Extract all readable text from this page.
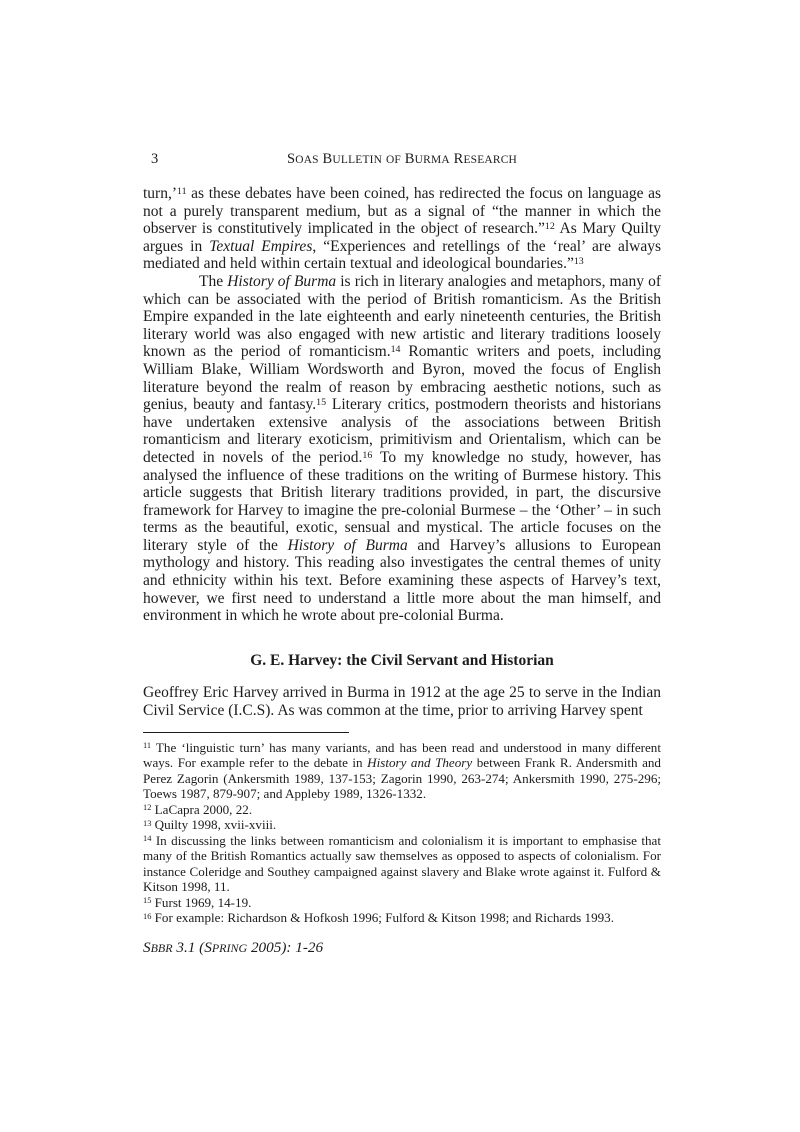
3	SOAS BULLETIN OF BURMA RESEARCH

turn,’$^{11}$ as these debates have been coined, has redirected the focus on language as not a purely transparent medium, but as a signal of “the manner in which the observer is constitutively implicated in the object of research.”$^{12}$ As Mary Quilty argues in Textual Empires, “Experiences and retellings of the ‘real’ are always mediated and held within certain textual and ideological boundaries.”$^{13}$

The History of Burma is rich in literary analogies and metaphors, many of which can be associated with the period of British romanticism. As the British Empire expanded in the late eighteenth and early nineteenth centuries, the British literary world was also engaged with new artistic and literary traditions loosely known as the period of romanticism.$^{14}$ Romantic writers and poets, including William Blake, William Wordsworth and Byron, moved the focus of English literature beyond the realm of reason by embracing aesthetic notions, such as genius, beauty and fantasy.$^{15}$ Literary critics, postmodern theorists and historians have undertaken extensive analysis of the associations between British romanticism and literary exoticism, primitivism and Orientalism, which can be detected in novels of the period.$^{16}$ To my knowledge no study, however, has analysed the influence of these traditions on the writing of Burmese history. This article suggests that British literary traditions provided, in part, the discursive framework for Harvey to imagine the pre-colonial Burmese – the ‘Other’ – in such terms as the beautiful, exotic, sensual and mystical. The article focuses on the literary style of the History of Burma and Harvey’s allusions to European mythology and history. This reading also investigates the central themes of unity and ethnicity within his text. Before examining these aspects of Harvey’s text, however, we first need to understand a little more about the man himself, and environment in which he wrote about pre-colonial Burma.

G. E. Harvey: the Civil Servant and Historian

Geoffrey Eric Harvey arrived in Burma in 1912 at the age 25 to serve in the Indian Civil Service (I.C.S). As was common at the time, prior to arriving Harvey spent

$^{11}$ The ‘linguistic turn’ has many variants, and has been read and understood in many different ways. For example refer to the debate in History and Theory between Frank R. Andersmith and Perez Zagorin (Ankersmith 1989, 137-153; Zagorin 1990, 263-274; Ankersmith 1990, 275-296; Toews 1987, 879-907; and Appleby 1989, 1326-1332.

$^{12}$ LaCapra 2000, 22.

$^{13}$ Quilty 1998, xvii-xviii.

$^{14}$ In discussing the links between romanticism and colonialism it is important to emphasise that many of the British Romantics actually saw themselves as opposed to aspects of colonialism. For instance Coleridge and Southey campaigned against slavery and Blake wrote against it. Fulford & Kitson 1998, 11.

$^{15}$ Furst 1969, 14-19.

$^{16}$ For example: Richardson & Hofkosh 1996; Fulford & Kitson 1998; and Richards 1993.

SBBR 3.1 (SPRING 2005): 1-26
